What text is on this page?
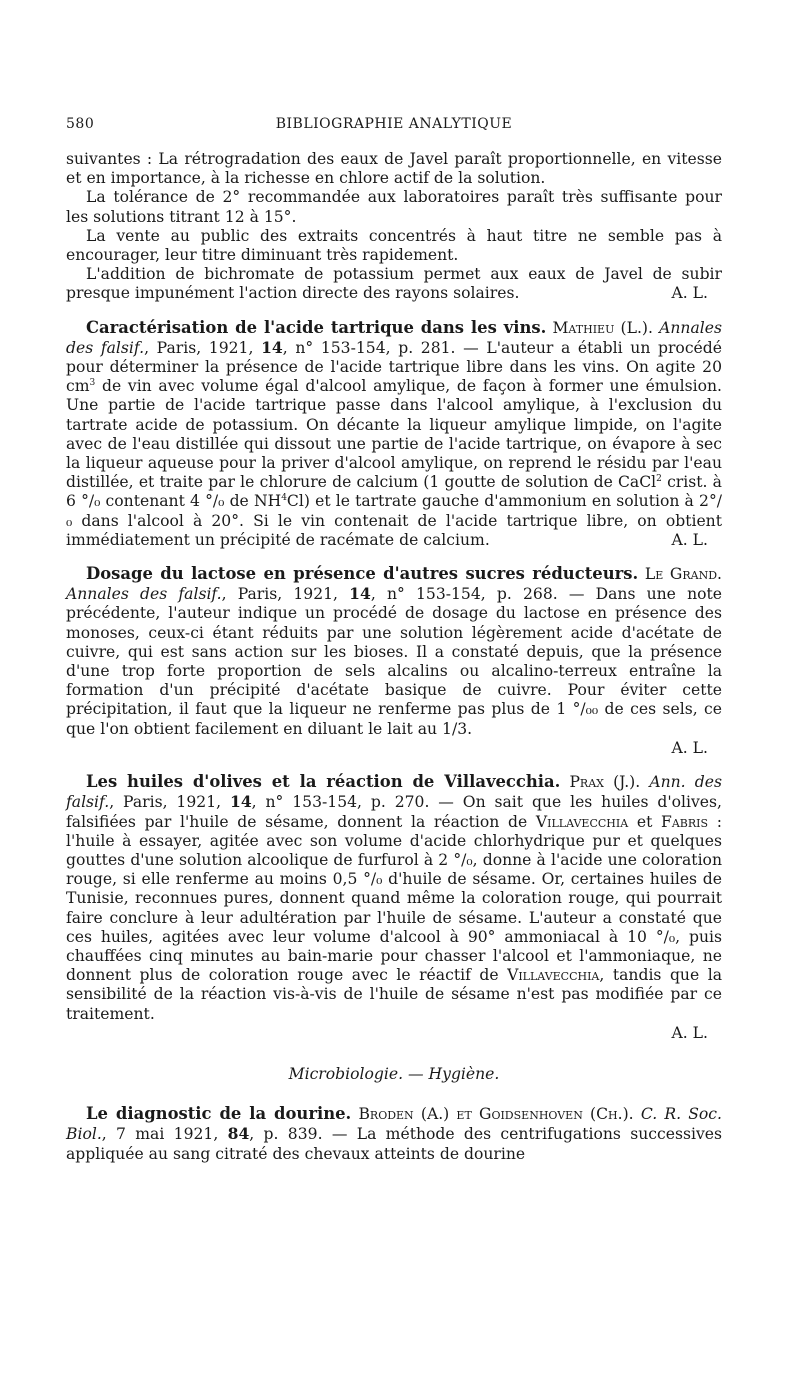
580	BIBLIOGRAPHIE ANALYTIQUE

suivantes : La rétrogradation des eaux de Javel paraît proportionnelle, en vitesse et en importance, à la richesse en chlore actif de la solution.

La tolérance de 2° recommandée aux laboratoires paraît très suffisante pour les solutions titrant 12 à 15°.

La vente au public des extraits concentrés à haut titre ne semble pas à encourager, leur titre diminuant très rapidement.

L'addition de bichromate de potassium permet aux eaux de Javel de subir presque impunément l'action directe des rayons solaires.	A. L.

Caractérisation de l'acide tartrique dans les vins. Mathieu (L.). Annales des falsif., Paris, 1921, 14, n° 153-154, p. 281. — L'auteur a établi un procédé pour déterminer la présence de l'acide tartrique libre dans les vins. On agite 20 $cm^3$ de vin avec volume égal d'alcool amylique, de façon à former une émulsion. Une partie de l'acide tartrique passe dans l'alcool amylique, à l'exclusion du tartrate acide de potassium. On décante la liqueur amylique limpide, on l'agite avec de l'eau distillée qui dissout une partie de l'acide tartrique, on évapore à sec la liqueur aqueuse pour la priver d'alcool amylique, on reprend le résidu par l'eau distillée, et traite par le chlorure de calcium (1 goutte de solution de CaCl$^2$ crist. à 6 °/₀ contenant 4 °/₀ de $NH^4Cl$) et le tartrate gauche d'ammonium en solution à 2°/₀ dans l'alcool à 20°. Si le vin contenait de l'acide tartrique libre, on obtient immédiatement un précipité de racémate de calcium.	A. L.

Dosage du lactose en présence d'autres sucres réducteurs. Le Grand. Annales des falsif., Paris, 1921, 14, n° 153-154, p. 268. — Dans une note précédente, l'auteur indique un procédé de dosage du lactose en présence des monoses, ceux-ci étant réduits par une solution légèrement acide d'acétate de cuivre, qui est sans action sur les bioses. Il a constaté depuis, que la présence d'une trop forte proportion de sels alcalins ou alcalino-terreux entraîne la formation d'un précipité d'acétate basique de cuivre. Pour éviter cette précipitation, il faut que la liqueur ne renferme pas plus de 1 °/₀₀ de ces sels, ce que l'on obtient facilement en diluant le lait au 1/3.

A. L.

Les huiles d'olives et la réaction de Villavecchia. Prax (J.). Ann. des falsif., Paris, 1921, 14, n° 153-154, p. 270. — On sait que les huiles d'olives, falsifiées par l'huile de sésame, donnent la réaction de Villavecchia et Fabris : l'huile à essayer, agitée avec son volume d'acide chlorhydrique pur et quelques gouttes d'une solution alcoolique de furfurol à 2 °/₀, donne à l'acide une coloration rouge, si elle renferme au moins 0,5 °/₀ d'huile de sésame. Or, certaines huiles de Tunisie, reconnues pures, donnent quand même la coloration rouge, qui pourrait faire conclure à leur adultération par l'huile de sésame. L'auteur a constaté que ces huiles, agitées avec leur volume d'alcool à 90° ammoniacal à 10 °/₀, puis chauffées cinq minutes au bain-marie pour chasser l'alcool et l'ammoniaque, ne donnent plus de coloration rouge avec le réactif de Villavecchia, tandis que la sensibilité de la réaction vis-à-vis de l'huile de sésame n'est pas modifiée par ce traitement.

A. L.

Microbiologie. — Hygiène.

Le diagnostic de la dourine. Broden (A.) et Goidsenhoven (Ch.). C. R. Soc. Biol., 7 mai 1921, 84, p. 839. — La méthode des centrifugations successives appliquée au sang citraté des chevaux atteints de dourine
